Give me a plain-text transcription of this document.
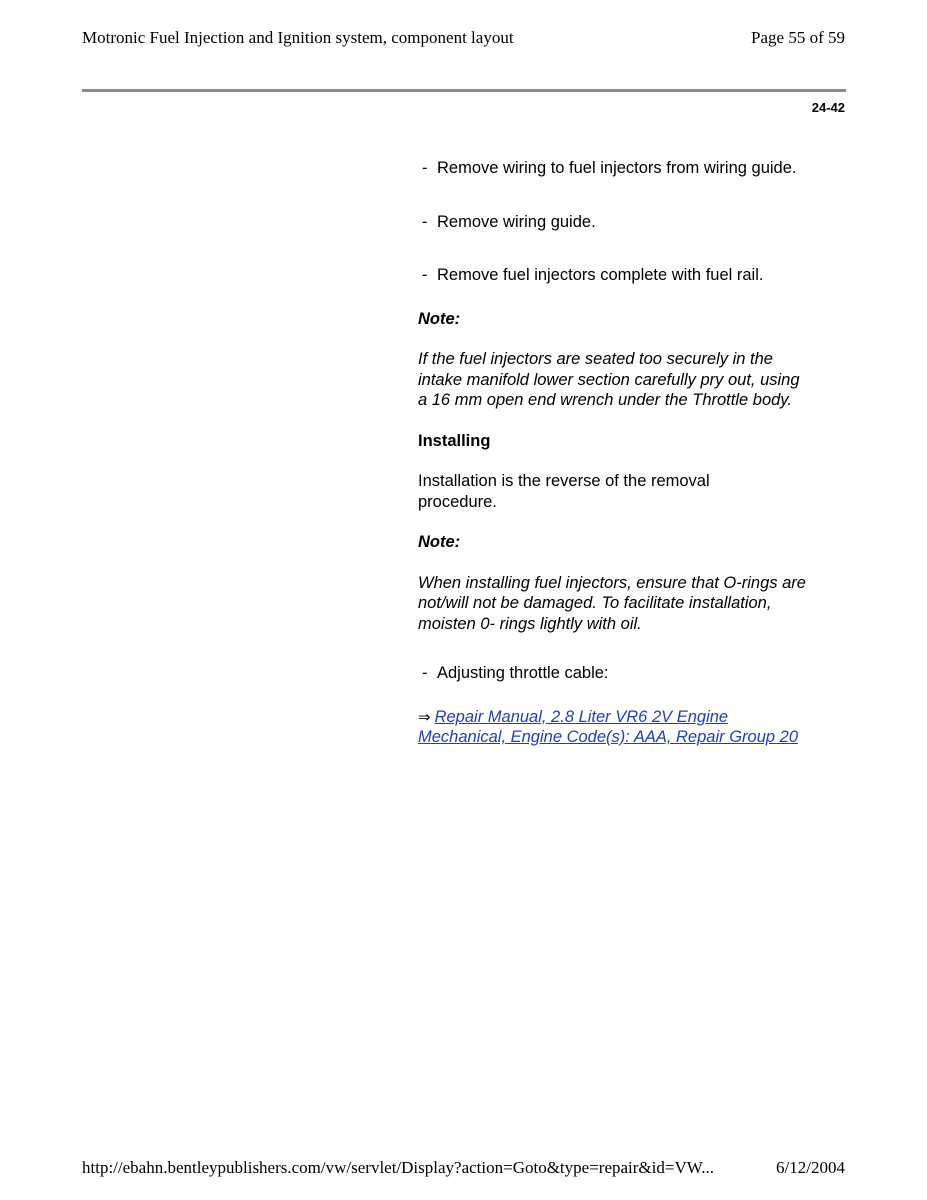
Motronic Fuel Injection and Ignition system, component layout	Page 55 of 59
24-42
- Remove wiring to fuel injectors from wiring guide.
- Remove wiring guide.
- Remove fuel injectors complete with fuel rail.
Note:
If the fuel injectors are seated too securely in the intake manifold lower section carefully pry out, using a 16 mm open end wrench under the Throttle body.
Installing
Installation is the reverse of the removal procedure.
Note:
When installing fuel injectors, ensure that O-rings are not/will not be damaged. To facilitate installation, moisten 0- rings lightly with oil.
- Adjusting throttle cable:
⇒ Repair Manual, 2.8 Liter VR6 2V Engine Mechanical, Engine Code(s): AAA, Repair Group 20
http://ebahn.bentleypublishers.com/vw/servlet/Display?action=Goto&type=repair&id=VW...	6/12/2004
